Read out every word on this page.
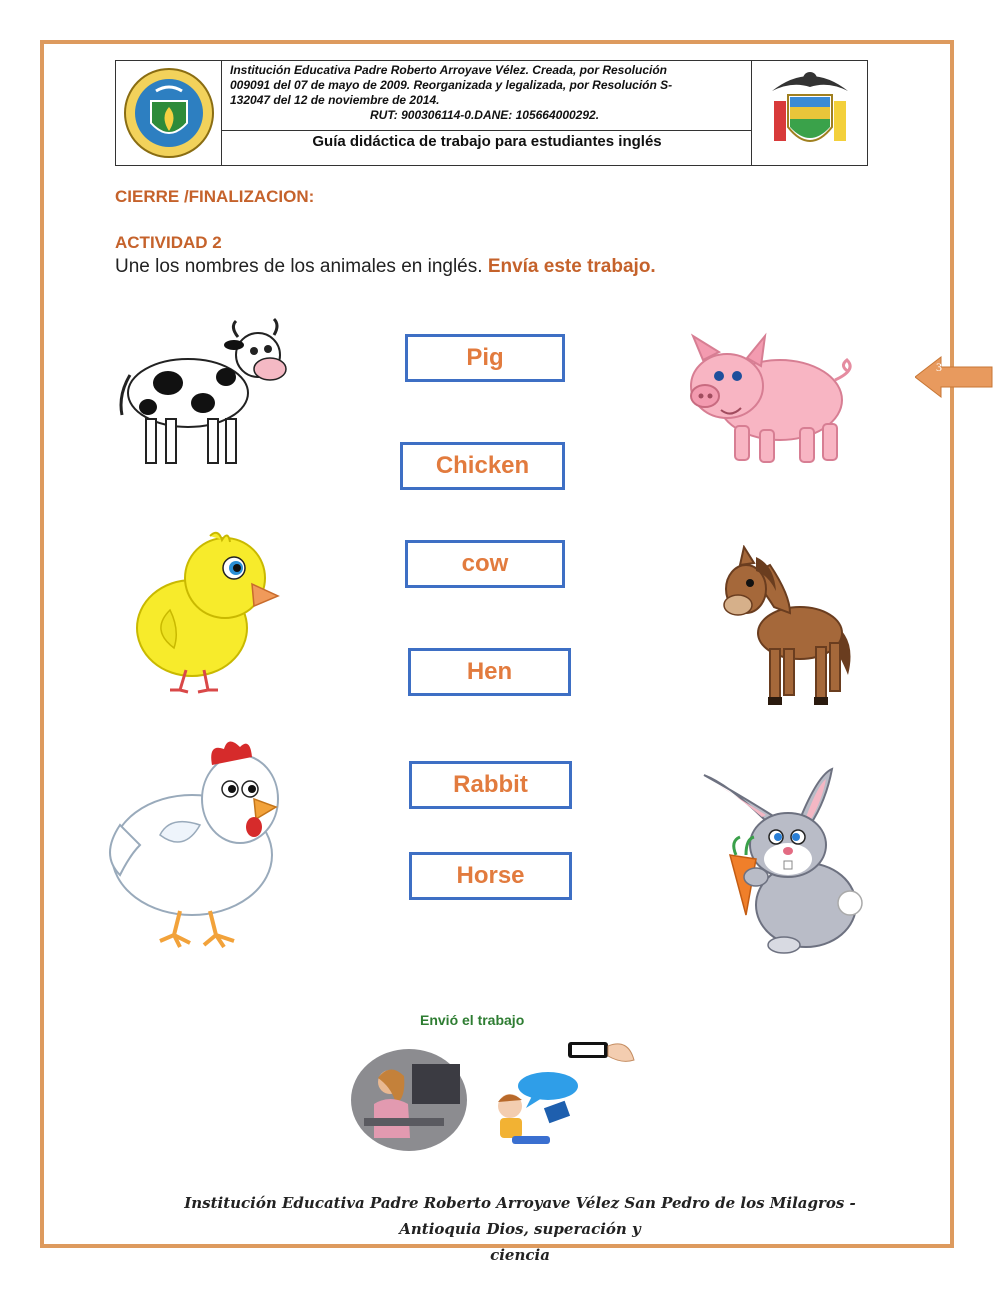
Institución Educativa Padre Roberto Arroyave Vélez. Creada, por Resolución
009091 del 07 de mayo de 2009. Reorganizada y legalizada, por Resolución S-
132047 del 12 de noviembre de 2014.
RUT: 900306114-0.DANE: 105664000292.
Guía didáctica de trabajo para estudiantes inglés
CIERRE /FINALIZACION:
ACTIVIDAD 2
Une los nombres de los animales en inglés. Envía este trabajo.
Pig
Chicken
cow
Hen
Rabbit
Horse
3
Envió el trabajo
Institución Educativa Padre Roberto Arroyave Vélez San Pedro de los Milagros - Antioquia Dios, superación y
ciencia
